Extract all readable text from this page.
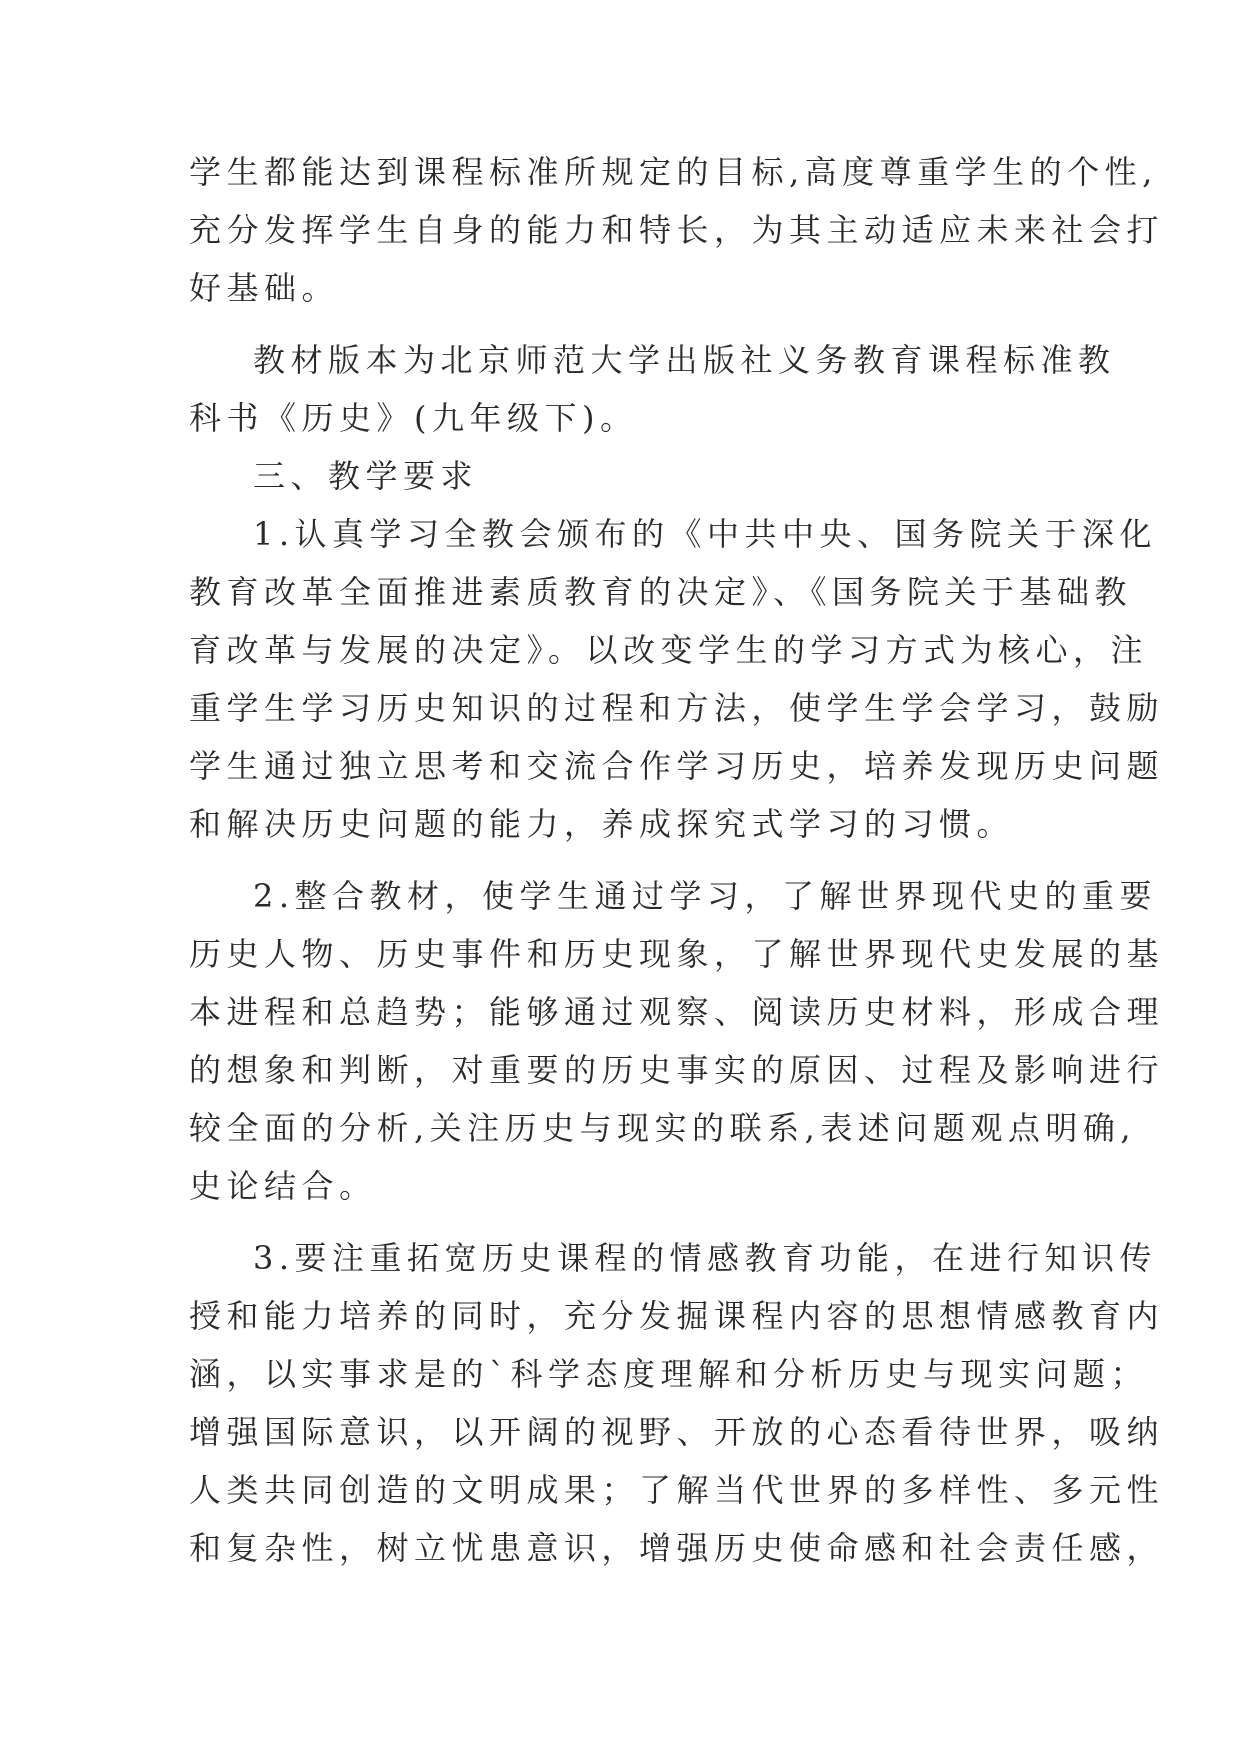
学生都能达到课程标准所规定的目标,高度尊重学生的个性,

充分发挥学生自身的能力和特长，为其主动适应未来社会打

好基础。

教材版本为北京师范大学出版社义务教育课程标准教

科书《历史》(九年级下)。

三、教学要求

1.认真学习全教会颁布的《中共中央、国务院关于深化

教育改革全面推进素质教育的决定》、《国务院关于基础教

育改革与发展的决定》。以改变学生的学习方式为核心，注

重学生学习历史知识的过程和方法，使学生学会学习，鼓励

学生通过独立思考和交流合作学习历史，培养发现历史问题

和解决历史问题的能力，养成探究式学习的习惯。

2.整合教材，使学生通过学习，了解世界现代史的重要

历史人物、历史事件和历史现象，了解世界现代史发展的基

本进程和总趋势；能够通过观察、阅读历史材料，形成合理

的想象和判断，对重要的历史事实的原因、过程及影响进行

较全面的分析,关注历史与现实的联系,表述问题观点明确,

史论结合。

3.要注重拓宽历史课程的情感教育功能，在进行知识传

授和能力培养的同时，充分发掘课程内容的思想情感教育内

涵，以实事求是的`科学态度理解和分析历史与现实问题；

增强国际意识，以开阔的视野、开放的心态看待世界，吸纳

人类共同创造的文明成果；了解当代世界的多样性、多元性

和复杂性，树立忧患意识，增强历史使命感和社会责任感，
